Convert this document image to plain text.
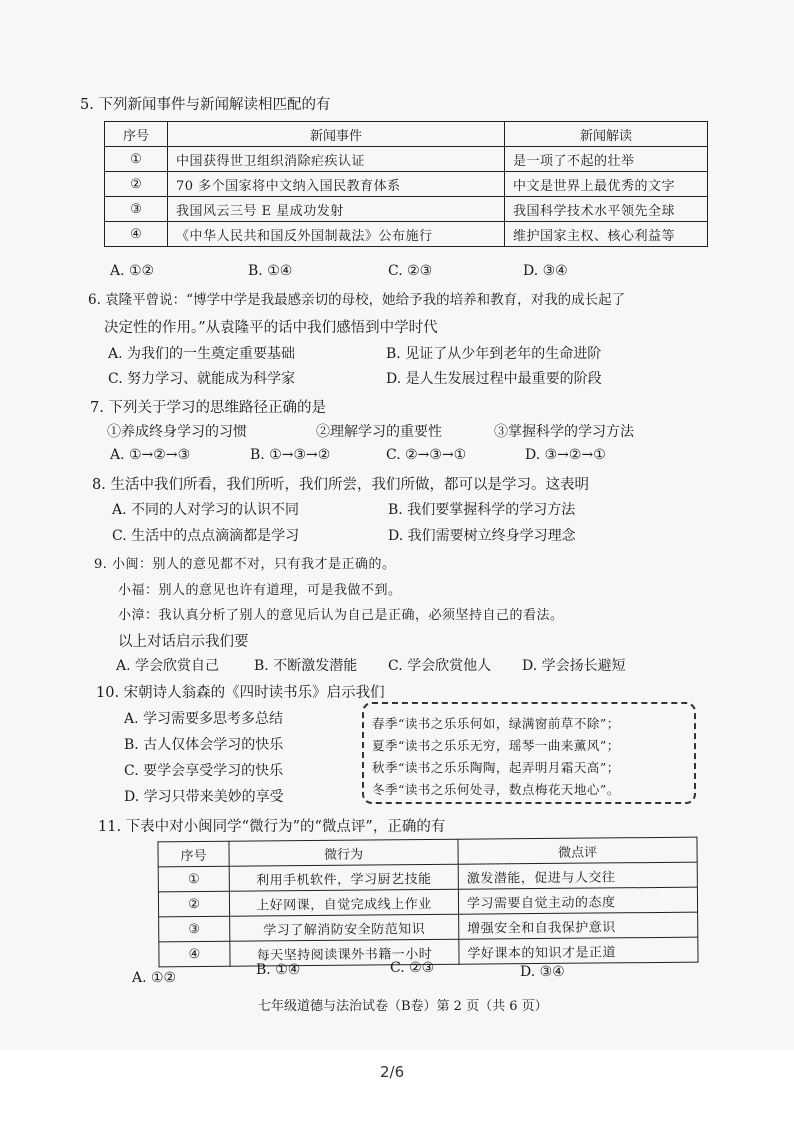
5. 下列新闻事件与新闻解读相匹配的有
序号	新闻事件	新闻解读
①	中国获得世卫组织消除疟疾认证	是一项了不起的壮举
②	70 多个国家将中文纳入国民教育体系	中文是世界上最优秀的文字
③	我国风云三号 E 星成功发射	我国科学技术水平领先全球
④	《中华人民共和国反外国制裁法》公布施行	维护国家主权、核心利益等
A. ①②	B. ①④	C. ②③	D. ③④
6. 袁隆平曾说：“博学中学是我最感亲切的母校，她给予我的培养和教育，对我的成长起了
决定性的作用。”从袁隆平的话中我们感悟到中学时代
A. 为我们的一生奠定重要基础	B. 见证了从少年到老年的生命进阶
C. 努力学习、就能成为科学家	D. 是人生发展过程中最重要的阶段
7. 下列关于学习的思维路径正确的是
①养成终身学习的习惯	②理解学习的重要性	③掌握科学的学习方法
A. ①→②→③	B. ①→③→②	C. ②→③→①	D. ③→②→①
8. 生活中我们所看，我们所听，我们所尝，我们所做，都可以是学习。这表明
A. 不同的人对学习的认识不同	B. 我们要掌握科学的学习方法
C. 生活中的点点滴滴都是学习	D. 我们需要树立终身学习理念
9. 小闽：别人的意见都不对，只有我才是正确的。
小福：别人的意见也许有道理，可是我做不到。
小漳：我认真分析了别人的意见后认为自己是正确，必须坚持自己的看法。
以上对话启示我们要
A. 学会欣赏自己 B. 不断激发潜能 C. 学会欣赏他人 D. 学会扬长避短
10. 宋朝诗人翁森的《四时读书乐》启示我们
A. 学习需要多思考多总结
B. 古人仅体会学习的快乐
C. 要学会享受学习的快乐
D. 学习只带来美妙的享受
春季“读书之乐乐何如，绿满窗前草不除”；
夏季“读书之乐乐无穷，瑶琴一曲来薰风”；
秋季“读书之乐乐陶陶，起弄明月霜天高”；
冬季“读书之乐何处寻，数点梅花天地心”。
11. 下表中对小闽同学“微行为”的“微点评”，正确的有
序号	微行为	微点评
①	利用手机软件，学习厨艺技能	激发潜能，促进与人交往
②	上好网课，自觉完成线上作业	学习需要自觉主动的态度
③	学习了解消防安全防范知识	增强安全和自我保护意识
④	每天坚持阅读课外书籍一小时	学好课本的知识才是正道
A. ①②	B. ①④	C. ②③	D. ③④
七年级道德与法治试卷（B卷）第 2 页（共 6 页）
2/6
